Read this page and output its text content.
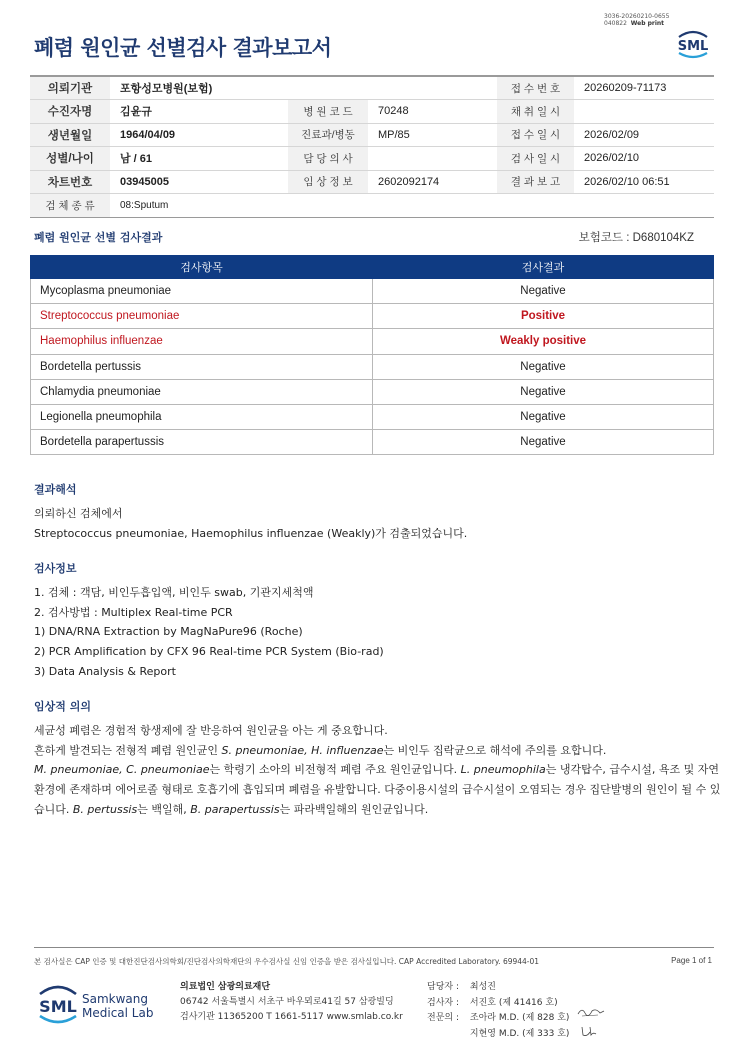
3036-20260210-0655
040822 Web print
폐렴 원인균 선별검사 결과보고서	SML
의뢰기관	포항성모병원(보험)			접 수 번 호	20260209-71173
수진자명	김윤규	병 원 코 드	70248	채 취 일 시	
생년월일	1964/04/09	진료과/병동	MP/85	접 수 일 시	2026/02/09
성별/나이	남 / 61	담 당 의 사		검 사 일 시	2026/02/10
차트번호	03945005	임 상 정 보	2602092174	결 과 보 고	2026/02/10 06:51
검 체 종 류	08:Sputum				
폐렴 원인균 선별 검사결과	보험코드 : D680104KZ
검사항목	검사결과
Mycoplasma pneumoniae	Negative
Streptococcus pneumoniae	Positive
Haemophilus influenzae	Weakly positive
Bordetella pertussis	Negative
Chlamydia pneumoniae	Negative
Legionella pneumophila	Negative
Bordetella parapertussis	Negative
결과해석

의뢰하신 검체에서

Streptococcus pneumoniae, Haemophilus influenzae (Weakly)가 검출되었습니다.

검사정보

1. 검체 : 객담, 비인두흡입액, 비인두 swab, 기관지세척액

2. 검사방법 : Multiplex Real-time PCR

1) DNA/RNA Extraction by MagNaPure96 (Roche)

2) PCR Amplification by CFX 96 Real-time PCR System (Bio-rad)

3) Data Analysis & Report

임상적 의의

세균성 폐렴은 경험적 항생제에 잘 반응하여 원인균을 아는 게 중요합니다.

흔하게 발견되는 전형적 폐렴 원인균인 S. pneumoniae, H. influenzae는 비인두 집락균으로 해석에 주의를 요합니다.

M. pneumoniae, C. pneumoniae는 학령기 소아의 비전형적 폐렴 주요 원인균입니다. L. pneumophila는 냉각탑수, 급수시설, 욕조 및 자연환경에 존재하며 에어로졸 형태로 호흡기에 흡입되며 폐렴을 유발합니다. 다중이용시설의 급수시설이 오염되는 경우 집단발병의 원인이 될 수 있습니다. B. pertussis는 백일해, B. parapertussis는 파라백일해의 원인균입니다.

본 검사실은 CAP 인증 및 대한진단검사의학회/진단검사의학재단의 우수검사실 신임 인증을 받은 검사실입니다. CAP Accredited Laboratory. 69944-01	Page 1 of 1
SML Samkwang
Medical Lab
의료법인 삼광의료재단
06742 서울특별시 서초구 바우뫼로41길 57 삼광빌딩
검사기관 11365200 T 1661-5117 www.smlab.co.kr
담당자 : 최성진
검사자 : 서진호 (제 41416 호)
전문의 : 조아라 M.D. (제 828 호)
지현영 M.D. (제 333 호)
